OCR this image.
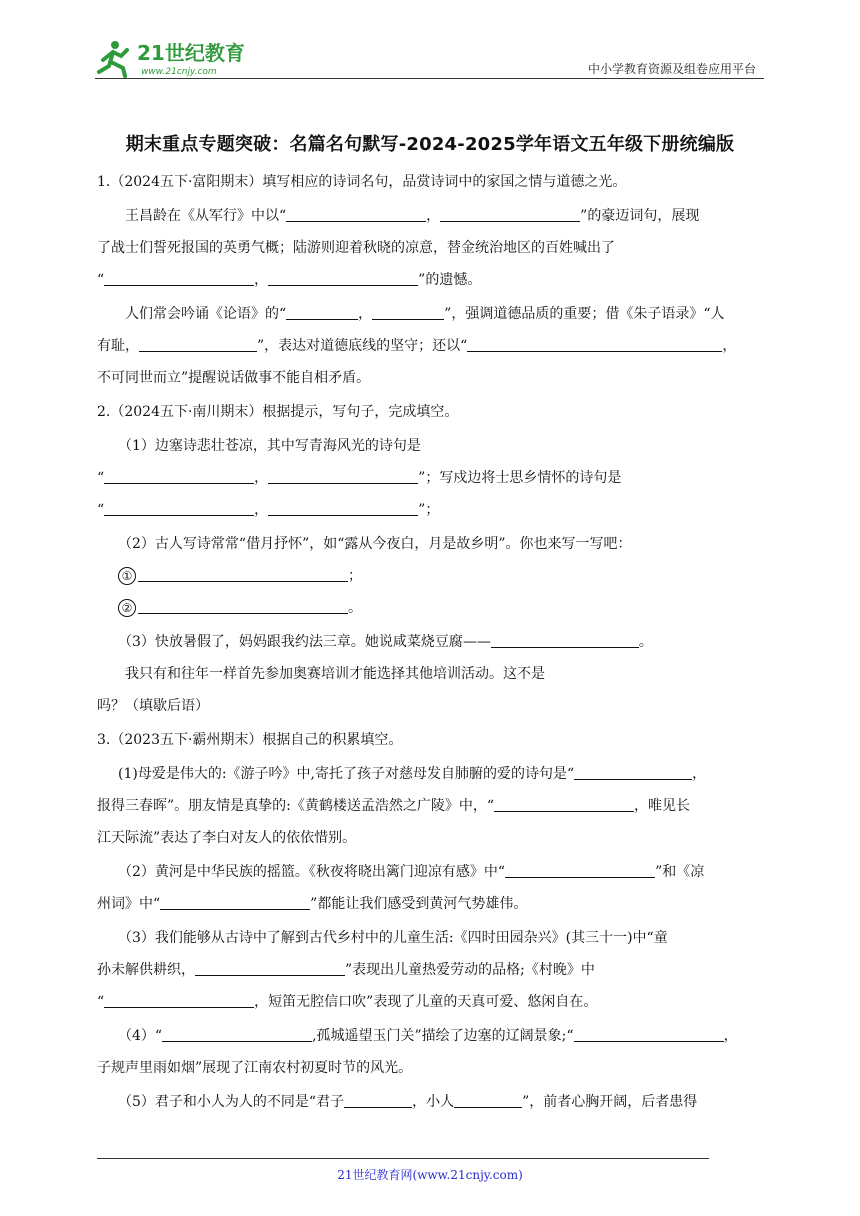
21世纪教育
www.21cnjy.com	中小学教育资源及组卷应用平台
期末重点专题突破：名篇名句默写-2024-2025学年语文五年级下册统编版

1.（2024五下·富阳期末）填写相应的诗词名句，品赏诗词中的家国之情与道德之光。

王昌龄在《从军行》中以“	，	”的豪迈词句，展现

了战士们誓死报国的英勇气概；陆游则迎着秋晓的凉意，替金统治地区的百姓喊出了

“	，	”的遗憾。

人们常会吟诵《论语》的“	，	”，强调道德品质的重要；借《朱子语录》“人

有耻，	”，表达对道德底线的坚守；还以“	，

不可同世而立”提醒说话做事不能自相矛盾。

2.（2024五下·南川期末）根据提示，写句子，完成填空。

（1）边塞诗悲壮苍凉，其中写青海风光的诗句是

“	，	”；写戍边将士思乡情怀的诗句是

“	，	”；

（2）古人写诗常常“借月抒怀”，如“露从今夜白，月是故乡明”。你也来写一写吧：

①	；

②	。

（3）快放暑假了，妈妈跟我约法三章。她说咸菜烧豆腐——	。

我只有和往年一样首先参加奥赛培训才能选择其他培训活动。这不是

吗？（填歇后语）

3.（2023五下·霸州期末）根据自己的积累填空。

(1)母爱是伟大的:《游子吟》中,寄托了孩子对慈母发自肺腑的爱的诗句是“	，

报得三春晖”。朋友情是真挚的:《黄鹤楼送孟浩然之广陵》中，“	，唯见长

江天际流”表达了李白对友人的依依惜别。

（2）黄河是中华民族的摇篮。《秋夜将晓出篱门迎凉有感》中“	”和《凉

州词》中“	”都能让我们感受到黄河气势雄伟。

（3）我们能够从古诗中了解到古代乡村中的儿童生活:《四时田园杂兴》(其三十一)中“童

孙未解供耕织，	”表现出儿童热爱劳动的品格;《村晚》中

“	，短笛无腔信口吹”表现了儿童的天真可爱、悠闲自在。

（4）“	,孤城遥望玉门关”描绘了边塞的辽阔景象;“	，

子规声里雨如烟”展现了江南农村初夏时节的风光。

（5）君子和小人为人的不同是“君子	，小人	”，前者心胸开阔，后者患得

21世纪教育网(www.21cnjy.com)
